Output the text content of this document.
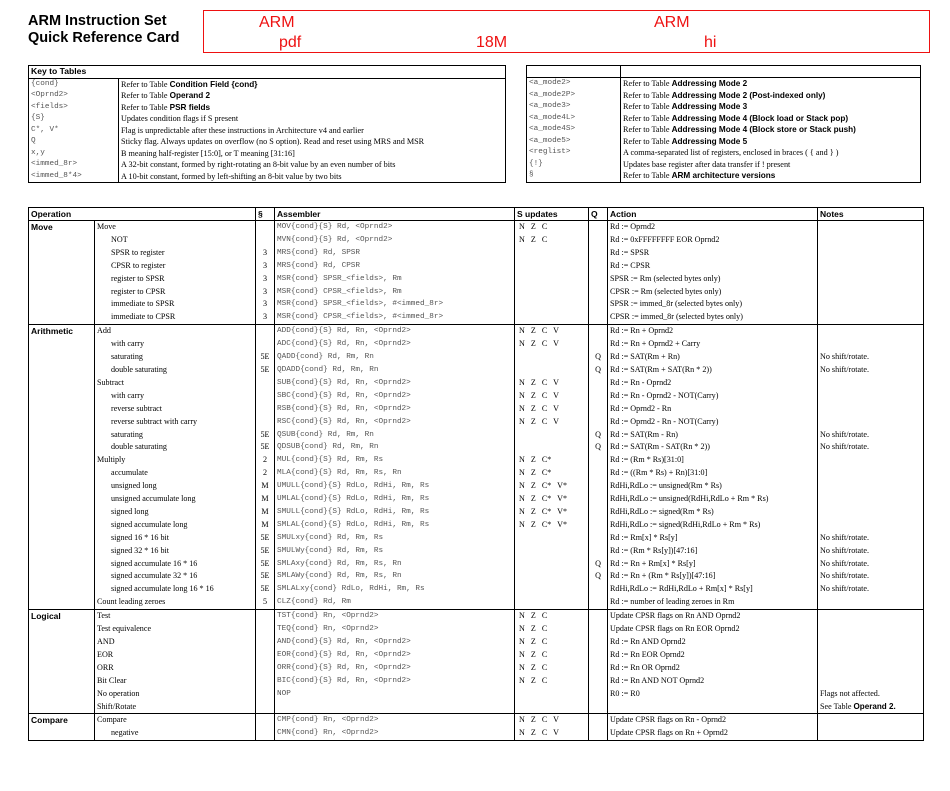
ARM Instruction Set
Quick Reference Card
ARM	ARM
pdf	18M	hi
Key to Tables	
{cond}	Refer to Table Condition Field {cond}
<Oprnd2>	Refer to Table Operand 2
<fields>	Refer to Table PSR fields
{S}	Updates condition flags if S present
C*, V*	Flag is unpredictable after these instructions in Architecture v4 and earlier
Q	Sticky flag. Always updates on overflow (no S option). Read and reset using MRS and MSR
x,y	B meaning half-register [15:0], or T meaning [31:16]
<immed_8r>	A 32-bit constant, formed by right-rotating an 8-bit value by an even number of bits
<immed_8*4>	A 10-bit constant, formed by left-shifting an 8-bit value by two bits

<a_mode2>	Refer to Table Addressing Mode 2
<a_mode2P>	Refer to Table Addressing Mode 2 (Post-indexed only)
<a_mode3>	Refer to Table Addressing Mode 3
<a_mode4L>	Refer to Table Addressing Mode 4 (Block load or Stack pop)
<a_mode4S>	Refer to Table Addressing Mode 4 (Block store or Stack push)
<a_mode5>	Refer to Table Addressing Mode 5
<reglist>	A comma-separated list of registers, enclosed in braces ( { and } )
{!}	Updates base register after data transfer if ! present
§	Refer to Table ARM architecture versions
Operation		§	Assembler	S updates	Q	Action	Notes
Move	Move		MOV{cond}{S} Rd, <Oprnd2>	N Z C		Rd := Oprnd2	
	NOT		MVN{cond}{S} Rd, <Oprnd2>	N Z C		Rd := 0xFFFFFFFF EOR Oprnd2	
	SPSR to register	3	MRS{cond} Rd, SPSR			Rd := SPSR	
	CPSR to register	3	MRS{cond} Rd, CPSR			Rd := CPSR	
	register to SPSR	3	MSR{cond} SPSR_<fields>, Rm			SPSR := Rm (selected bytes only)	
	register to CPSR	3	MSR{cond} CPSR_<fields>, Rm			CPSR := Rm (selected bytes only)	
	immediate to SPSR	3	MSR{cond} SPSR_<fields>, #<immed_8r>			SPSR := immed_8r (selected bytes only)	
	immediate to CPSR	3	MSR{cond} CPSR_<fields>, #<immed_8r>			CPSR := immed_8r (selected bytes only)	
Arithmetic	Add		ADD{cond}{S} Rd, Rn, <Oprnd2>	N Z C V		Rd := Rn + Oprnd2	
	with carry		ADC{cond}{S} Rd, Rn, <Oprnd2>	N Z C V		Rd := Rn + Oprnd2 + Carry	
	saturating	5E	QADD{cond} Rd, Rm, Rn		Q	Rd := SAT(Rm + Rn)	No shift/rotate.
	double saturating	5E	QDADD{cond} Rd, Rm, Rn		Q	Rd := SAT(Rm + SAT(Rn * 2))	No shift/rotate.
	Subtract		SUB{cond}{S} Rd, Rn, <Oprnd2>	N Z C V		Rd := Rn - Oprnd2	
	with carry		SBC{cond}{S} Rd, Rn, <Oprnd2>	N Z C V		Rd := Rn - Oprnd2 - NOT(Carry)	
	reverse subtract		RSB{cond}{S} Rd, Rn, <Oprnd2>	N Z C V		Rd := Oprnd2 - Rn	
	reverse subtract with carry		RSC{cond}{S} Rd, Rn, <Oprnd2>	N Z C V		Rd := Oprnd2 - Rn - NOT(Carry)	
	saturating	5E	QSUB{cond} Rd, Rm, Rn		Q	Rd := SAT(Rm - Rn)	No shift/rotate.
	double saturating	5E	QDSUB{cond} Rd, Rm, Rn		Q	Rd := SAT(Rm - SAT(Rn * 2))	No shift/rotate.
	Multiply	2	MUL{cond}{S} Rd, Rm, Rs	N Z C*		Rd := (Rm * Rs)[31:0]	
	accumulate	2	MLA{cond}{S} Rd, Rm, Rs, Rn	N Z C*		Rd := ((Rm * Rs) + Rn)[31:0]	
	unsigned long	M	UMULL{cond}{S} RdLo, RdHi, Rm, Rs	N Z C* V*		RdHi,RdLo := unsigned(Rm * Rs)	
	unsigned accumulate long	M	UMLAL{cond}{S} RdLo, RdHi, Rm, Rs	N Z C* V*		RdHi,RdLo := unsigned(RdHi,RdLo + Rm * Rs)	
	signed long	M	SMULL{cond}{S} RdLo, RdHi, Rm, Rs	N Z C* V*		RdHi,RdLo := signed(Rm * Rs)	
	signed accumulate long	M	SMLAL{cond}{S} RdLo, RdHi, Rm, Rs	N Z C* V*		RdHi,RdLo := signed(RdHi,RdLo + Rm * Rs)	
	signed 16 * 16 bit	5E	SMULxy{cond} Rd, Rm, Rs			Rd := Rm[x] * Rs[y]	No shift/rotate.
	signed 32 * 16 bit	5E	SMULWy{cond} Rd, Rm, Rs			Rd := (Rm * Rs[y])[47:16]	No shift/rotate.
	signed accumulate 16 * 16	5E	SMLAxy{cond} Rd, Rm, Rs, Rn		Q	Rd := Rn + Rm[x] * Rs[y]	No shift/rotate.
	signed accumulate 32 * 16	5E	SMLAWy{cond} Rd, Rm, Rs, Rn		Q	Rd := Rn + (Rm * Rs[y])[47:16]	No shift/rotate.
	signed accumulate long 16 * 16	5E	SMLALxy{cond} RdLo, RdHi, Rm, Rs			RdHi,RdLo := RdHi,RdLo + Rm[x] * Rs[y]	No shift/rotate.
	Count leading zeroes	5	CLZ{cond} Rd, Rm			Rd := number of leading zeroes in Rm	
Logical	Test		TST{cond} Rn, <Oprnd2>	N Z C		Update CPSR flags on Rn AND Oprnd2	
	Test equivalence		TEQ{cond} Rn, <Oprnd2>	N Z C		Update CPSR flags on Rn EOR Oprnd2	
	AND		AND{cond}{S} Rd, Rn, <Oprnd2>	N Z C		Rd := Rn AND Oprnd2	
	EOR		EOR{cond}{S} Rd, Rn, <Oprnd2>	N Z C		Rd := Rn EOR Oprnd2	
	ORR		ORR{cond}{S} Rd, Rn, <Oprnd2>	N Z C		Rd := Rn OR Oprnd2	
	Bit Clear		BIC{cond}{S} Rd, Rn, <Oprnd2>	N Z C		Rd := Rn AND NOT Oprnd2	
	No operation		NOP			R0 := R0	Flags not affected.
	Shift/Rotate						See Table Operand 2.
Compare	Compare		CMP{cond} Rn, <Oprnd2>	N Z C V		Update CPSR flags on Rn - Oprnd2	
	negative		CMN{cond} Rn, <Oprnd2>	N Z C V		Update CPSR flags on Rn + Oprnd2	
